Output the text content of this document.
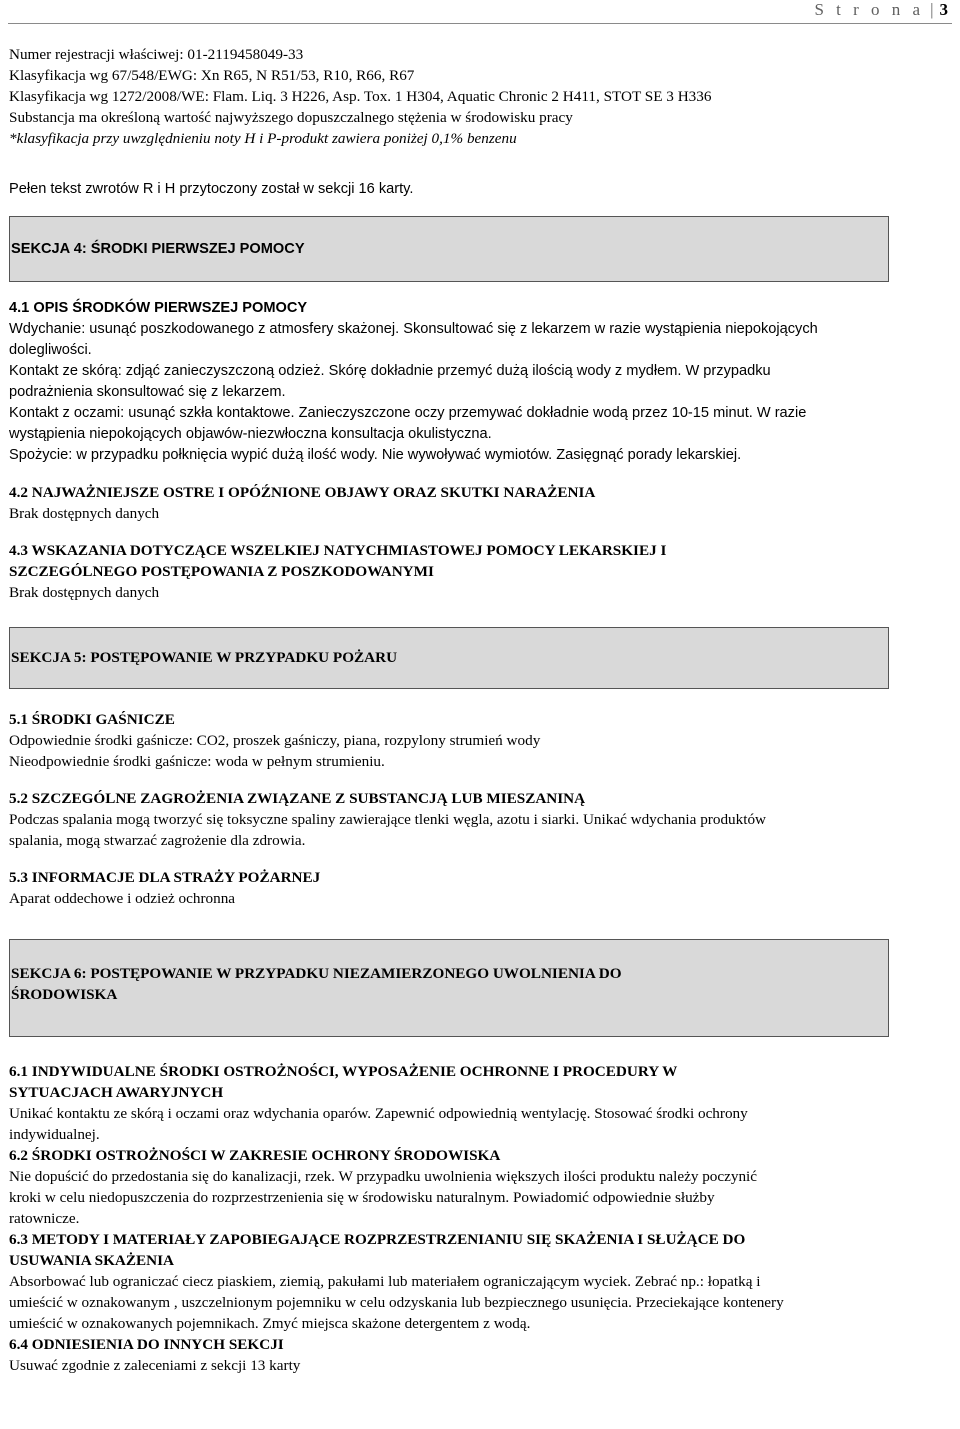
S t r o n a | 3

Numer rejestracji właściwej: 01-2119458049-33

Klasyfikacja wg 67/548/EWG: Xn R65, N R51/53, R10, R66, R67

Klasyfikacja wg 1272/2008/WE: Flam. Liq. 3 H226, Asp. Tox. 1 H304, Aquatic Chronic 2 H411, STOT SE 3 H336

Substancja ma określoną wartość najwyższego dopuszczalnego stężenia w środowisku pracy

*klasyfikacja przy uwzględnieniu noty H i P-produkt zawiera poniżej 0,1% benzenu

Pełen tekst zwrotów R i H przytoczony został w sekcji 16 karty.

SEKCJA 4: ŚRODKI PIERWSZEJ POMOCY

4.1 OPIS ŚRODKÓW PIERWSZEJ POMOCY

Wdychanie: usunąć poszkodowanego z atmosfery skażonej. Skonsultować się z lekarzem w razie wystąpienia niepokojących

dolegliwości.

Kontakt ze skórą: zdjąć zanieczyszczoną odzież. Skórę dokładnie przemyć dużą ilością wody z mydłem. W przypadku

podrażnienia skonsultować się z lekarzem.

Kontakt z oczami: usunąć szkła kontaktowe. Zanieczyszczone oczy przemywać dokładnie wodą przez 10-15 minut. W razie

wystąpienia niepokojących objawów-niezwłoczna konsultacja okulistyczna.

Spożycie: w przypadku połknięcia wypić dużą ilość wody. Nie wywoływać wymiotów. Zasięgnąć porady lekarskiej.

4.2 NAJWAŻNIEJSZE OSTRE I OPÓŹNIONE OBJAWY ORAZ SKUTKI NARAŻENIA

Brak dostępnych danych

4.3 WSKAZANIA DOTYCZĄCE WSZELKIEJ NATYCHMIASTOWEJ POMOCY LEKARSKIEJ I

SZCZEGÓLNEGO POSTĘPOWANIA Z POSZKODOWANYMI

Brak dostępnych danych

SEKCJA 5: POSTĘPOWANIE W PRZYPADKU POŻARU

5.1 ŚRODKI GAŚNICZE

Odpowiednie środki gaśnicze: CO2, proszek gaśniczy, piana, rozpylony strumień wody

Nieodpowiednie środki gaśnicze: woda w pełnym strumieniu.

5.2 SZCZEGÓLNE ZAGROŻENIA ZWIĄZANE Z SUBSTANCJĄ LUB MIESZANINĄ

Podczas spalania mogą tworzyć się toksyczne spaliny zawierające tlenki węgla, azotu i siarki. Unikać wdychania produktów

spalania, mogą stwarzać zagrożenie dla zdrowia.

5.3 INFORMACJE DLA STRAŻY POŻARNEJ

Aparat oddechowe i odzież ochronna

SEKCJA 6: POSTĘPOWANIE W PRZYPADKU NIEZAMIERZONEGO UWOLNIENIA DO

ŚRODOWISKA

6.1 INDYWIDUALNE ŚRODKI OSTROŻNOŚCI, WYPOSAŻENIE OCHRONNE I PROCEDURY W

SYTUACJACH AWARYJNYCH

Unikać kontaktu ze skórą i oczami oraz wdychania oparów. Zapewnić odpowiednią wentylację. Stosować środki ochrony

indywidualnej.

6.2 ŚRODKI OSTROŻNOŚCI W ZAKRESIE OCHRONY ŚRODOWISKA

Nie dopuścić do przedostania się do kanalizacji, rzek. W przypadku uwolnienia większych ilości produktu należy poczynić

kroki w celu niedopuszczenia do rozprzestrzenienia się w środowisku naturalnym. Powiadomić odpowiednie służby

ratownicze.

6.3 METODY I MATERIAŁY ZAPOBIEGAJĄCE ROZPRZESTRZENIANIU SIĘ SKAŻENIA I SŁUŻĄCE DO

USUWANIA SKAŻENIA

Absorbować lub ograniczać ciecz piaskiem, ziemią, pakułami lub materiałem ograniczającym wyciek. Zebrać np.: łopatką i

umieścić w oznakowanym , uszczelnionym pojemniku w celu odzyskania lub bezpiecznego usunięcia. Przeciekające kontenery

umieścić w oznakowanych pojemnikach. Zmyć miejsca skażone detergentem z wodą.

6.4 ODNIESIENIA DO INNYCH SEKCJI

Usuwać zgodnie z zaleceniami z sekcji 13 karty
